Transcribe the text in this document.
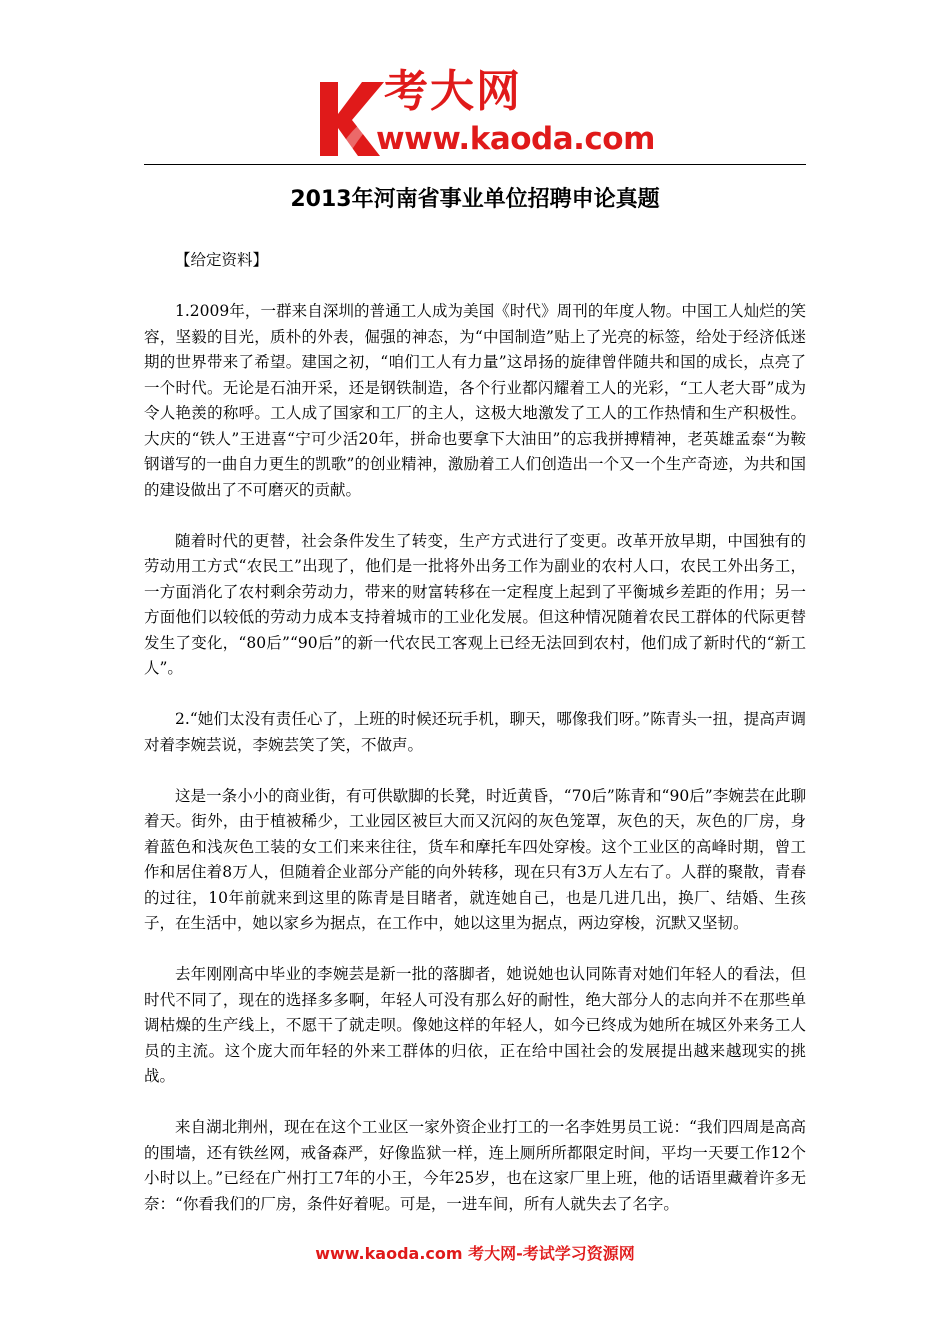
考大网
www.kaoda.com
2013年河南省事业单位招聘申论真题

【给定资料】

1.2009年，一群来自深圳的普通工人成为美国《时代》周刊的年度人物。中国工人灿烂的笑容，坚毅的目光，质朴的外表，倔强的神态，为“中国制造”贴上了光亮的标签，给处于经济低迷期的世界带来了希望。建国之初，“咱们工人有力量”这昂扬的旋律曾伴随共和国的成长，点亮了一个时代。无论是石油开采，还是钢铁制造，各个行业都闪耀着工人的光彩，“工人老大哥”成为令人艳羡的称呼。工人成了国家和工厂的主人，这极大地激发了工人的工作热情和生产积极性。大庆的“铁人”王进喜“宁可少活20年，拼命也要拿下大油田”的忘我拼搏精神，老英雄孟泰“为鞍钢谱写的一曲自力更生的凯歌”的创业精神，激励着工人们创造出一个又一个生产奇迹，为共和国的建设做出了不可磨灭的贡献。

随着时代的更替，社会条件发生了转变，生产方式进行了变更。改革开放早期，中国独有的劳动用工方式“农民工”出现了，他们是一批将外出务工作为副业的农村人口，农民工外出务工，一方面消化了农村剩余劳动力，带来的财富转移在一定程度上起到了平衡城乡差距的作用；另一方面他们以较低的劳动力成本支持着城市的工业化发展。但这种情况随着农民工群体的代际更替发生了变化，“80后”“90后”的新一代农民工客观上已经无法回到农村，他们成了新时代的“新工人”。

2.“她们太没有责任心了，上班的时候还玩手机，聊天，哪像我们呀。”陈青头一扭，提高声调对着李婉芸说，李婉芸笑了笑，不做声。

这是一条小小的商业街，有可供歇脚的长凳，时近黄昏，“70后”陈青和“90后”李婉芸在此聊着天。街外，由于植被稀少，工业园区被巨大而又沉闷的灰色笼罩，灰色的天，灰色的厂房，身着蓝色和浅灰色工装的女工们来来往往，货车和摩托车四处穿梭。这个工业区的高峰时期，曾工作和居住着8万人，但随着企业部分产能的向外转移，现在只有3万人左右了。人群的聚散，青春的过往，10年前就来到这里的陈青是目睹者，就连她自己，也是几进几出，换厂、结婚、生孩子，在生活中，她以家乡为据点，在工作中，她以这里为据点，两边穿梭，沉默又坚韧。

去年刚刚高中毕业的李婉芸是新一批的落脚者，她说她也认同陈青对她们年轻人的看法，但时代不同了，现在的选择多多啊，年轻人可没有那么好的耐性，绝大部分人的志向并不在那些单调枯燥的生产线上，不愿干了就走呗。像她这样的年轻人，如今已终成为她所在城区外来务工人员的主流。这个庞大而年轻的外来工群体的归依，正在给中国社会的发展提出越来越现实的挑战。

来自湖北荆州，现在在这个工业区一家外资企业打工的一名李姓男员工说：“我们四周是高高的围墙，还有铁丝网，戒备森严，好像监狱一样，连上厕所所都限定时间，平均一天要工作12个小时以上。”已经在广州打工7年的小王，今年25岁，也在这家厂里上班，他的话语里藏着许多无奈：“你看我们的厂房，条件好着呢。可是，一进车间，所有人就失去了名字。

www.kaoda.com 考大网-考试学习资源网
